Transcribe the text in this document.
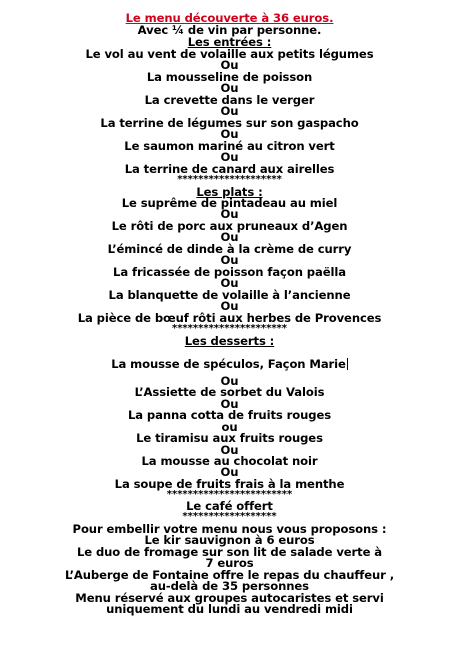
Le menu découverte à 36 euros.
Avec ¼ de vin par personne.
Les entrées :
Le vol au vent de volaille aux petits légumes
Ou
La mousseline de poisson
Ou
La crevette dans le verger
Ou
La terrine de légumes sur son gaspacho
Ou
Le saumon mariné au citron vert
Ou
La terrine de canard aux airelles
********************
Les plats :
Le suprême de pintadeau au miel
Ou
Le rôti de porc aux pruneaux d’Agen
Ou
L’émincé de dinde à la crème de curry
Ou
La fricassée de poisson façon paëlla
Ou
La blanquette de volaille à l’ancienne
Ou
La pièce de bœuf rôti aux herbes de Provences
**********************
Les desserts :
La mousse de spéculos, Façon Marie
Ou
L’Assiette de sorbet du Valois
Ou
La panna cotta de fruits rouges
ou
Le tiramisu aux fruits rouges
Ou
La mousse au chocolat noir
Ou
La soupe de fruits frais à la menthe
************************
Le café offert
******************
Pour embellir votre menu nous vous proposons :
Le kir sauvignon à 6 euros
Le duo de fromage sur son lit de salade verte à
7 euros
L’Auberge de Fontaine offre le repas du chauffeur ,
au-delà de 35 personnes
Menu réservé aux groupes autocaristes et servi
uniquement du lundi au vendredi midi
